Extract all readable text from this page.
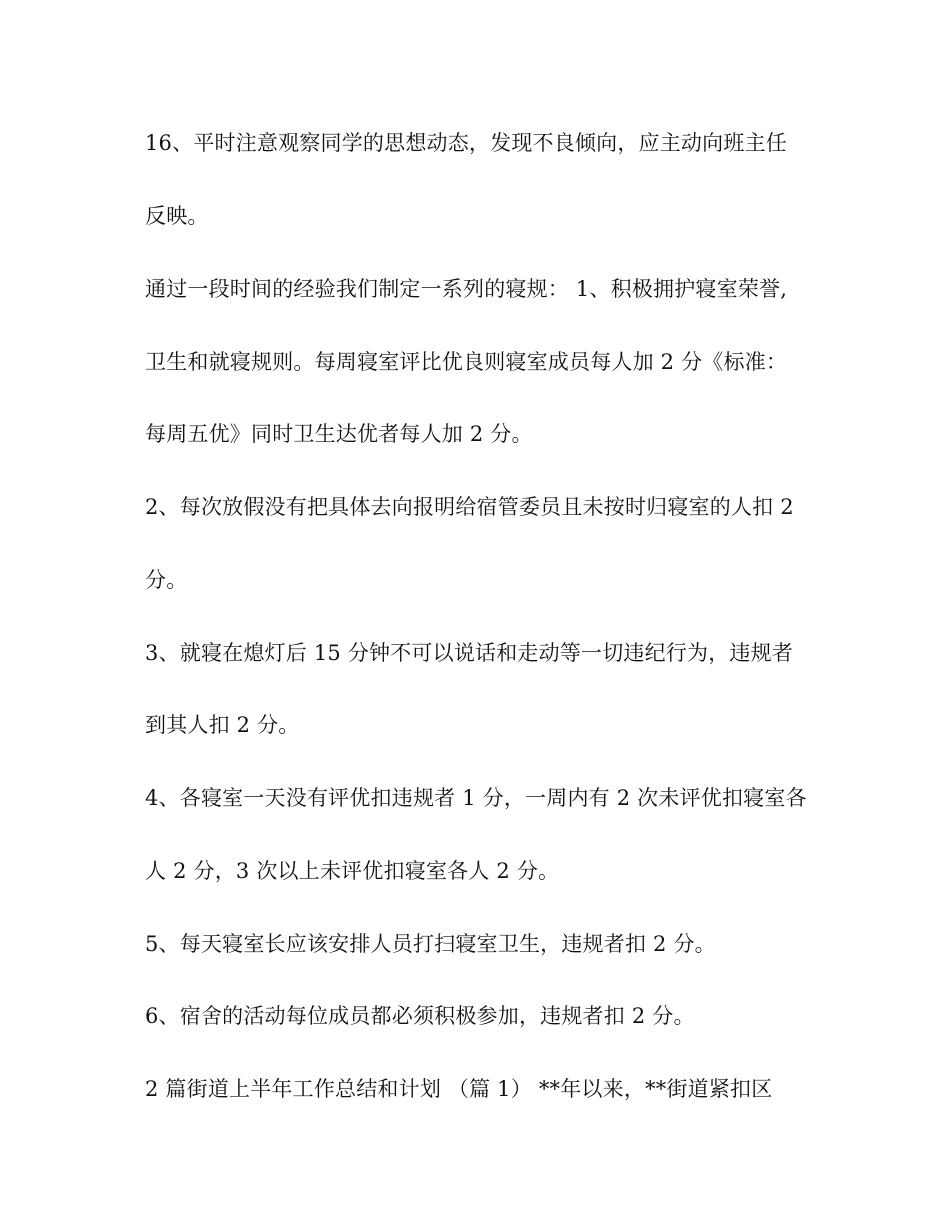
16、平时注意观察同学的思想动态，发现不良倾向，应主动向班主任
反映。
通过一段时间的经验我们制定一系列的寝规： 1、积极拥护寝室荣誉,
卫生和就寝规则。每周寝室评比优良则寝室成员每人加 2 分《标准：
每周五优》同时卫生达优者每人加 2 分。
2、每次放假没有把具体去向报明给宿管委员且未按时归寝室的人扣 2
分。
3、就寝在熄灯后 15 分钟不可以说话和走动等一切违纪行为，违规者
到其人扣 2 分。
4、各寝室一天没有评优扣违规者 1 分，一周内有 2 次未评优扣寝室各
人 2 分，3 次以上未评优扣寝室各人 2 分。
5、每天寝室长应该安排人员打扫寝室卫生，违规者扣 2 分。
6、宿舍的活动每位成员都必须积极参加，违规者扣 2 分。
2 篇街道上半年工作总结和计划 （篇 1） **年以来，**街道紧扣区
